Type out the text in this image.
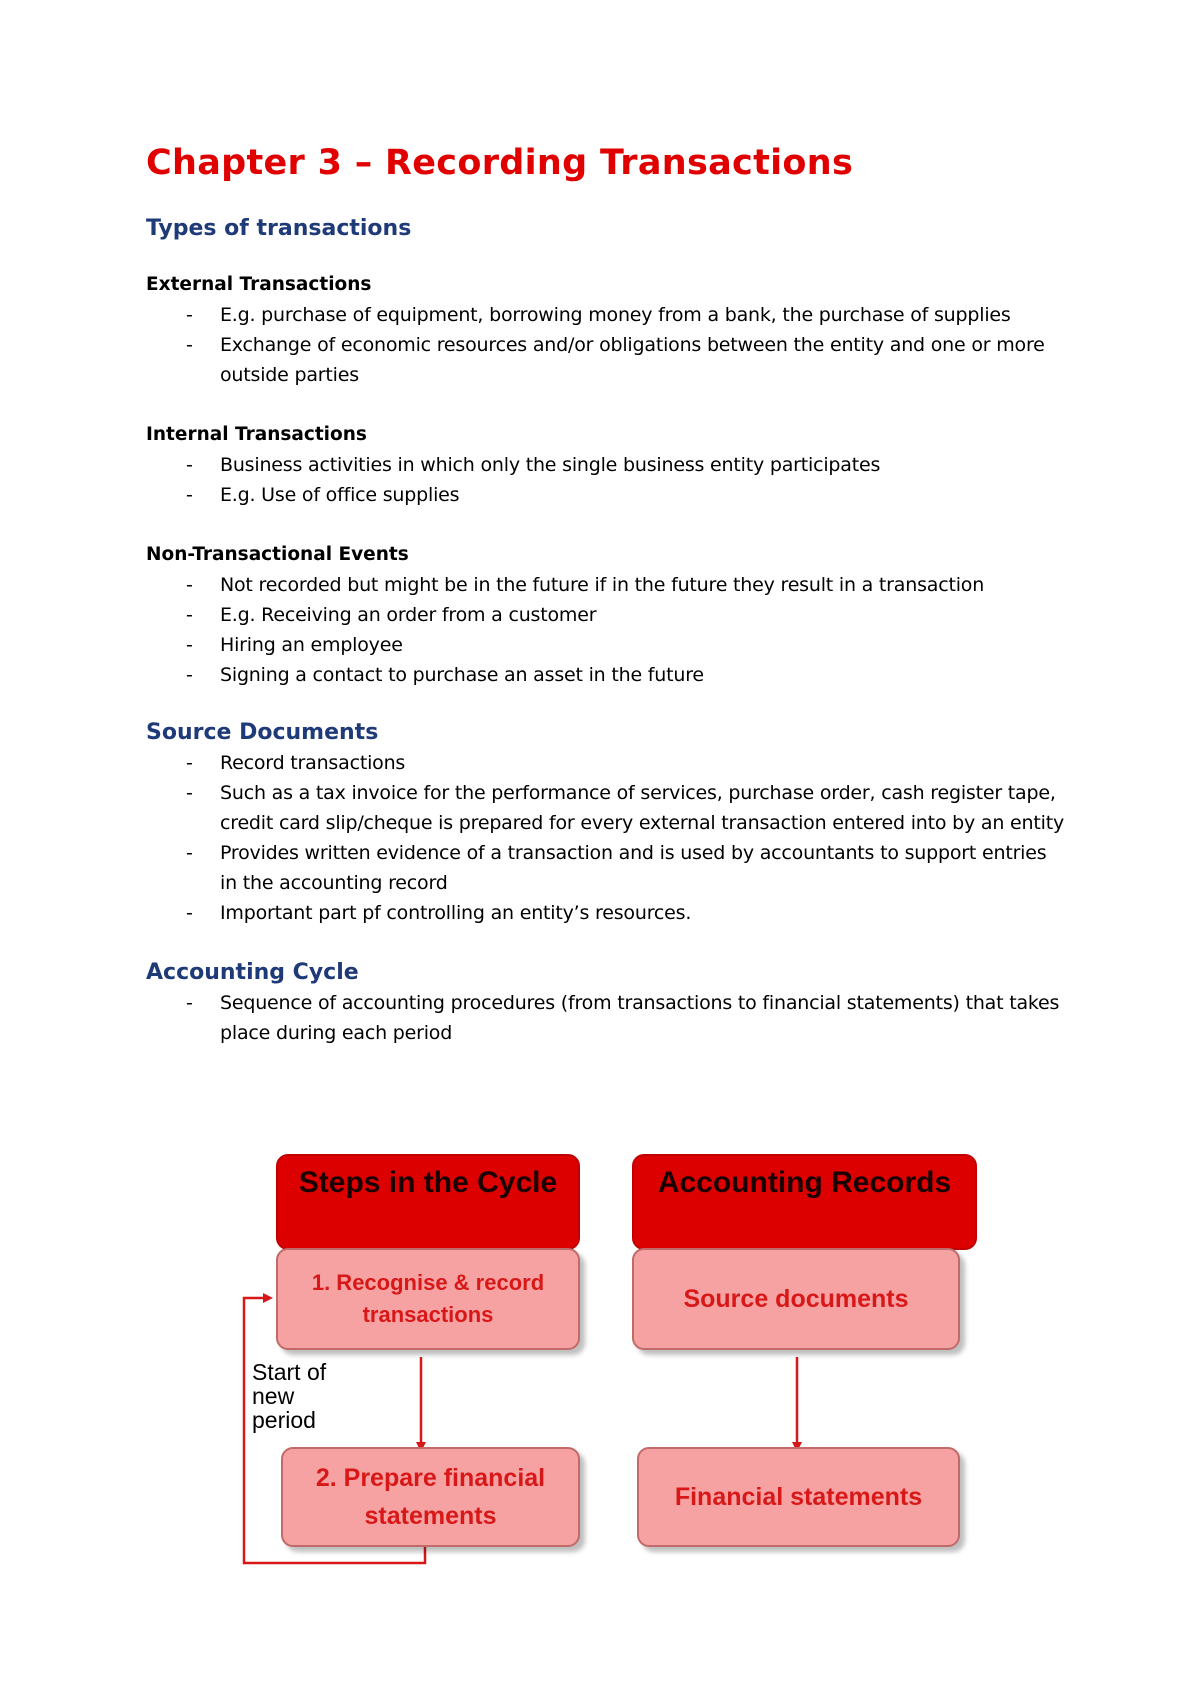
Chapter 3 – Recording Transactions
Types of transactions
External Transactions
- E.g. purchase of equipment, borrowing money from a bank, the purchase of supplies
- Exchange of economic resources and/or obligations between the entity and one or more outside parties
Internal Transactions
- Business activities in which only the single business entity participates
- E.g. Use of office supplies
Non-Transactional Events
- Not recorded but might be in the future if in the future they result in a transaction
- E.g. Receiving an order from a customer
- Hiring an employee
- Signing a contact to purchase an asset in the future
Source Documents
- Record transactions
- Such as a tax invoice for the performance of services, purchase order, cash register tape, credit card slip/cheque is prepared for every external transaction entered into by an entity
- Provides written evidence of a transaction and is used by accountants to support entries in the accounting record
- Important part pf controlling an entity’s resources.
Accounting Cycle
- Sequence of accounting procedures (from transactions to financial statements) that takes place during each period
Steps in the Cycle	Accounting Records
1. Recognise & record transactions
Source documents
2. Prepare financial statements
Financial statements
Start of new period
